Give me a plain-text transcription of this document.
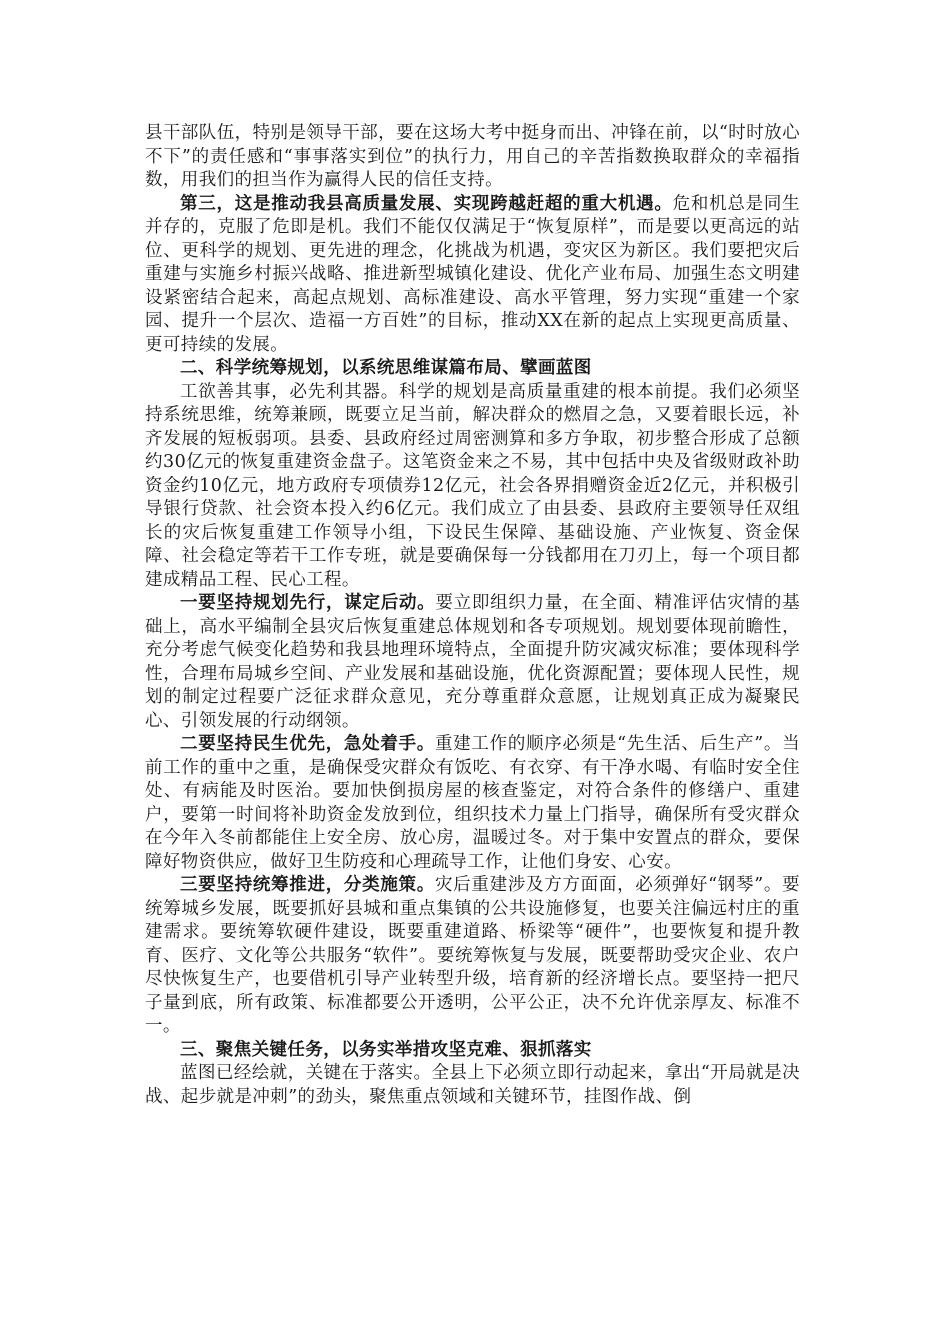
县干部队伍，特别是领导干部，要在这场大考中挺身而出、冲锋在前，以“时时放心不下”的责任感和“事事落实到位”的执行力，用自己的辛苦指数换取群众的幸福指数，用我们的担当作为赢得人民的信任支持。

第三，这是推动我县高质量发展、实现跨越赶超的重大机遇。危和机总是同生并存的，克服了危即是机。我们不能仅仅满足于“恢复原样”，而是要以更高远的站位、更科学的规划、更先进的理念，化挑战为机遇，变灾区为新区。我们要把灾后重建与实施乡村振兴战略、推进新型城镇化建设、优化产业布局、加强生态文明建设紧密结合起来，高起点规划、高标准建设、高水平管理，努力实现“重建一个家园、提升一个层次、造福一方百姓”的目标，推动XX在新的起点上实现更高质量、更可持续的发展。

二、科学统筹规划，以系统思维谋篇布局、擘画蓝图

工欲善其事，必先利其器。科学的规划是高质量重建的根本前提。我们必须坚持系统思维，统筹兼顾，既要立足当前，解决群众的燃眉之急，又要着眼长远，补齐发展的短板弱项。县委、县政府经过周密测算和多方争取，初步整合形成了总额约30亿元的恢复重建资金盘子。这笔资金来之不易，其中包括中央及省级财政补助资金约10亿元，地方政府专项债券12亿元，社会各界捐赠资金近2亿元，并积极引导银行贷款、社会资本投入约6亿元。我们成立了由县委、县政府主要领导任双组长的灾后恢复重建工作领导小组，下设民生保障、基础设施、产业恢复、资金保障、社会稳定等若干工作专班，就是要确保每一分钱都用在刀刃上，每一个项目都建成精品工程、民心工程。

一要坚持规划先行，谋定后动。要立即组织力量，在全面、精准评估灾情的基础上，高水平编制全县灾后恢复重建总体规划和各专项规划。规划要体现前瞻性，充分考虑气候变化趋势和我县地理环境特点，全面提升防灾减灾标准；要体现科学性，合理布局城乡空间、产业发展和基础设施，优化资源配置；要体现人民性，规划的制定过程要广泛征求群众意见，充分尊重群众意愿，让规划真正成为凝聚民心、引领发展的行动纲领。

二要坚持民生优先，急处着手。重建工作的顺序必须是“先生活、后生产”。当前工作的重中之重，是确保受灾群众有饭吃、有衣穿、有干净水喝、有临时安全住处、有病能及时医治。要加快倒损房屋的核查鉴定，对符合条件的修缮户、重建户，要第一时间将补助资金发放到位，组织技术力量上门指导，确保所有受灾群众在今年入冬前都能住上安全房、放心房，温暖过冬。对于集中安置点的群众，要保障好物资供应，做好卫生防疫和心理疏导工作，让他们身安、心安。

三要坚持统筹推进，分类施策。灾后重建涉及方方面面，必须弹好“钢琴”。要统筹城乡发展，既要抓好县城和重点集镇的公共设施修复，也要关注偏远村庄的重建需求。要统筹软硬件建设，既要重建道路、桥梁等“硬件”，也要恢复和提升教育、医疗、文化等公共服务“软件”。要统筹恢复与发展，既要帮助受灾企业、农户尽快恢复生产，也要借机引导产业转型升级，培育新的经济增长点。要坚持一把尺子量到底，所有政策、标准都要公开透明，公平公正，决不允许优亲厚友、标准不一。

三、聚焦关键任务，以务实举措攻坚克难、狠抓落实

蓝图已经绘就，关键在于落实。全县上下必须立即行动起来，拿出“开局就是决战、起步就是冲刺”的劲头，聚焦重点领域和关键环节，挂图作战、倒
